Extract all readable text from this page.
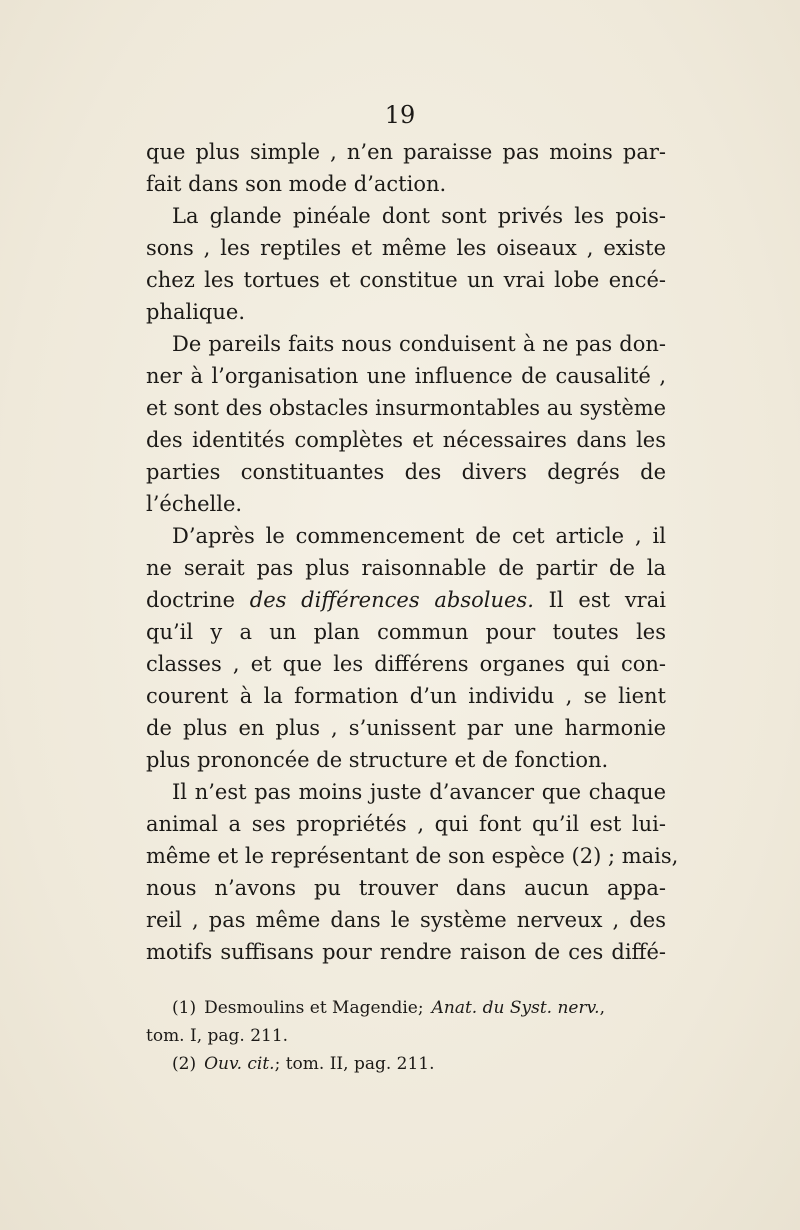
19
que plus simple , n’en paraisse pas moins par-
fait dans son mode d’action.
La glande pinéale dont sont privés les pois-
sons , les reptiles et même les oiseaux , existe
chez les tortues et constitue un vrai lobe encé-
phalique.
De pareils faits nous conduisent à ne pas don-
ner à l’organisation une influence de causalité ,
et sont des obstacles insurmontables au système
des identités complètes et nécessaires dans les
parties constituantes des divers degrés de
l’échelle.
D’après le commencement de cet article , il
ne serait pas plus raisonnable de partir de la
doctrine des différences absolues. Il est vrai
qu’il y a un plan commun pour toutes les
classes , et que les différens organes qui con-
courent à la formation d’un individu , se lient
de plus en plus , s’unissent par une harmonie
plus prononcée de structure et de fonction.
Il n’est pas moins juste d’avancer que chaque
animal a ses propriétés , qui font qu’il est lui-
même et le représentant de son espèce (2) ; mais,
nous n’avons pu trouver dans aucun appa-
reil , pas même dans le système nerveux , des
motifs suffisans pour rendre raison de ces diffé-
(1) Desmoulins et Magendie; Anat. du Syst. nerv.,
tom. I, pag. 211.
(2) Ouv. cit.; tom. II, pag. 211.
